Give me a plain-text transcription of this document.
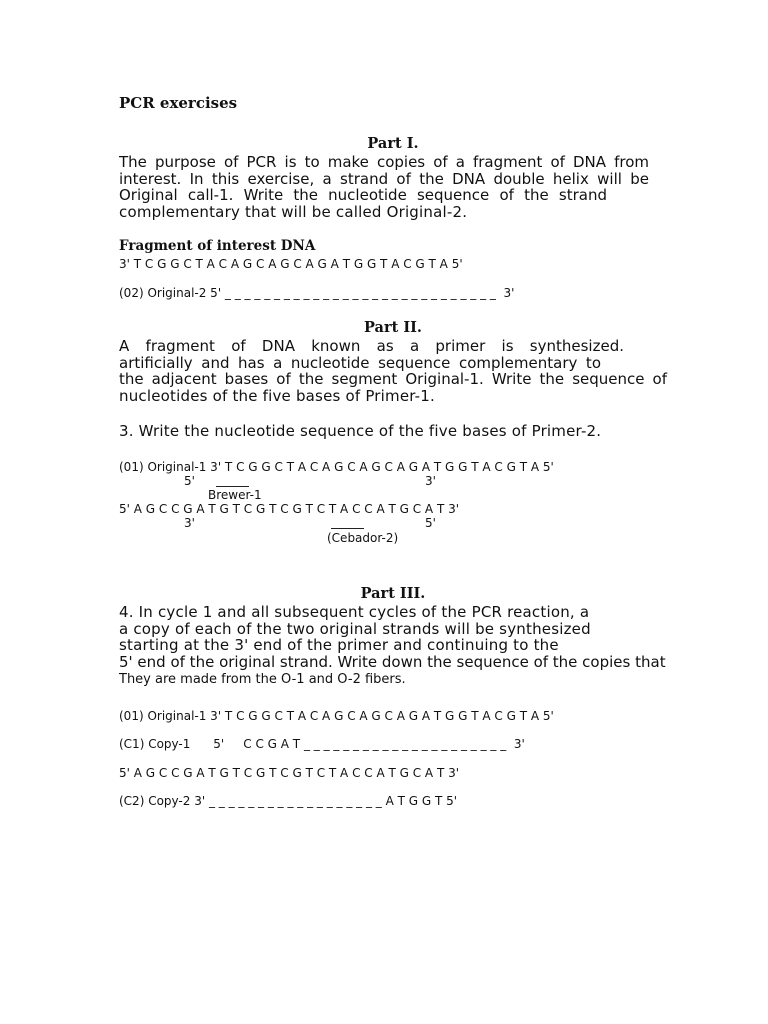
PCR exercises
Part I.
The purpose of PCR is to make copies of a fragment of DNA from
interest. In this exercise, a strand of the DNA double helix will be
Original call-1. Write the nucleotide sequence of the strand
complementary that will be called Original-2.
Fragment of interest DNA
3' T C G G C T A C A G C A G C A G A T G G T A C G T A 5'
(02) Original-2 5' _ _ _ _ _ _ _ _ _ _ _ _ _ _ _ _ _ _ _ _ _ _ _ _ _ _ _ _  3'
Part II.
A fragment of DNA known as a primer is synthesized.
artificially and has a nucleotide sequence complementary to
the adjacent bases of the segment Original-1. Write the sequence of
nucleotides of the five bases of Primer-1.
3. Write the nucleotide sequence of the five bases of Primer-2.
(01) Original-1 3' T C G G C T A C A G C A G C A G A T G G T A C G T A 5'
5'	3'
Brewer-1
5' A G C C G A T G T C G T C G T C T A C C A T G C A T 3'
3'	5'
(Cebador-2)
Part III.
4. In cycle 1 and all subsequent cycles of the PCR reaction, a
a copy of each of the two original strands will be synthesized
starting at the 3' end of the primer and continuing to the
5' end of the original strand. Write down the sequence of the copies that
They are made from the O-1 and O-2 fibers.
(01) Original-1 3' T C G G C T A C A G C A G C A G A T G G T A C G T A 5'
(C1) Copy-1      5'     C C G A T _ _ _ _ _ _ _ _ _ _ _ _ _ _ _ _ _ _ _ _ _  3'
5' A G C C G A T G T C G T C G T C T A C C A T G C A T 3'
(C2) Copy-2 3' _ _ _ _ _ _ _ _ _ _ _ _ _ _ _ _ _ _ A T G G T 5'
